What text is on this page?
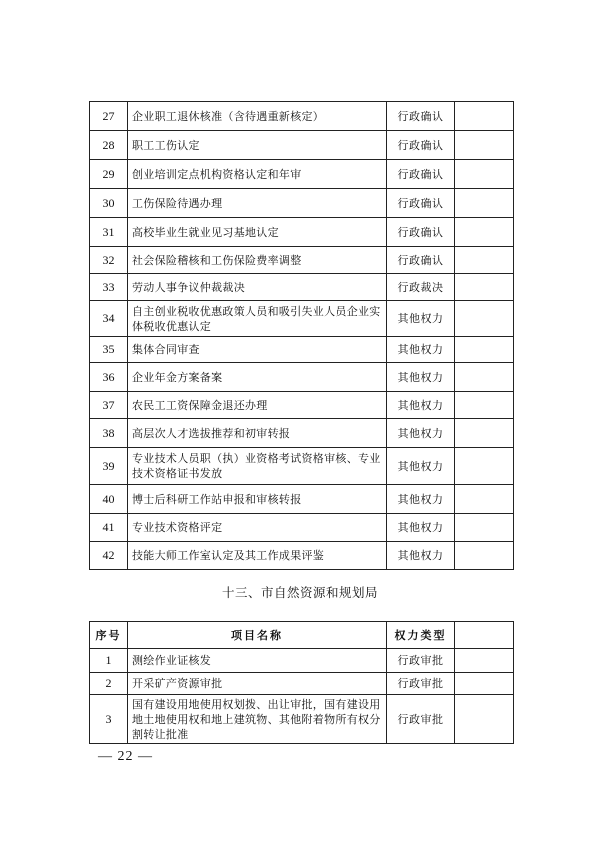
27	企业职工退休核准（含待遇重新核定）	行政确认	
28	职工工伤认定	行政确认	
29	创业培训定点机构资格认定和年审	行政确认	
30	工伤保险待遇办理	行政确认	
31	高校毕业生就业见习基地认定	行政确认	
32	社会保险稽核和工伤保险费率调整	行政确认	
33	劳动人事争议仲裁裁决	行政裁决	
34	自主创业税收优惠政策人员和吸引失业人员企业实体税收优惠认定	其他权力	
35	集体合同审查	其他权力	
36	企业年金方案备案	其他权力	
37	农民工工资保障金退还办理	其他权力	
38	高层次人才选拔推荐和初审转报	其他权力	
39	专业技术人员职（执）业资格考试资格审核、专业技术资格证书发放	其他权力	
40	博士后科研工作站申报和审核转报	其他权力	
41	专业技术资格评定	其他权力	
42	技能大师工作室认定及其工作成果评鉴	其他权力	
十三、市自然资源和规划局
序号	项目名称	权力类型	
1	测绘作业证核发	行政审批	
2	开采矿产资源审批	行政审批	
3	国有建设用地使用权划拨、出让审批，国有建设用地土地使用权和地上建筑物、其他附着物所有权分割转让批准	行政审批	
— 22 —
